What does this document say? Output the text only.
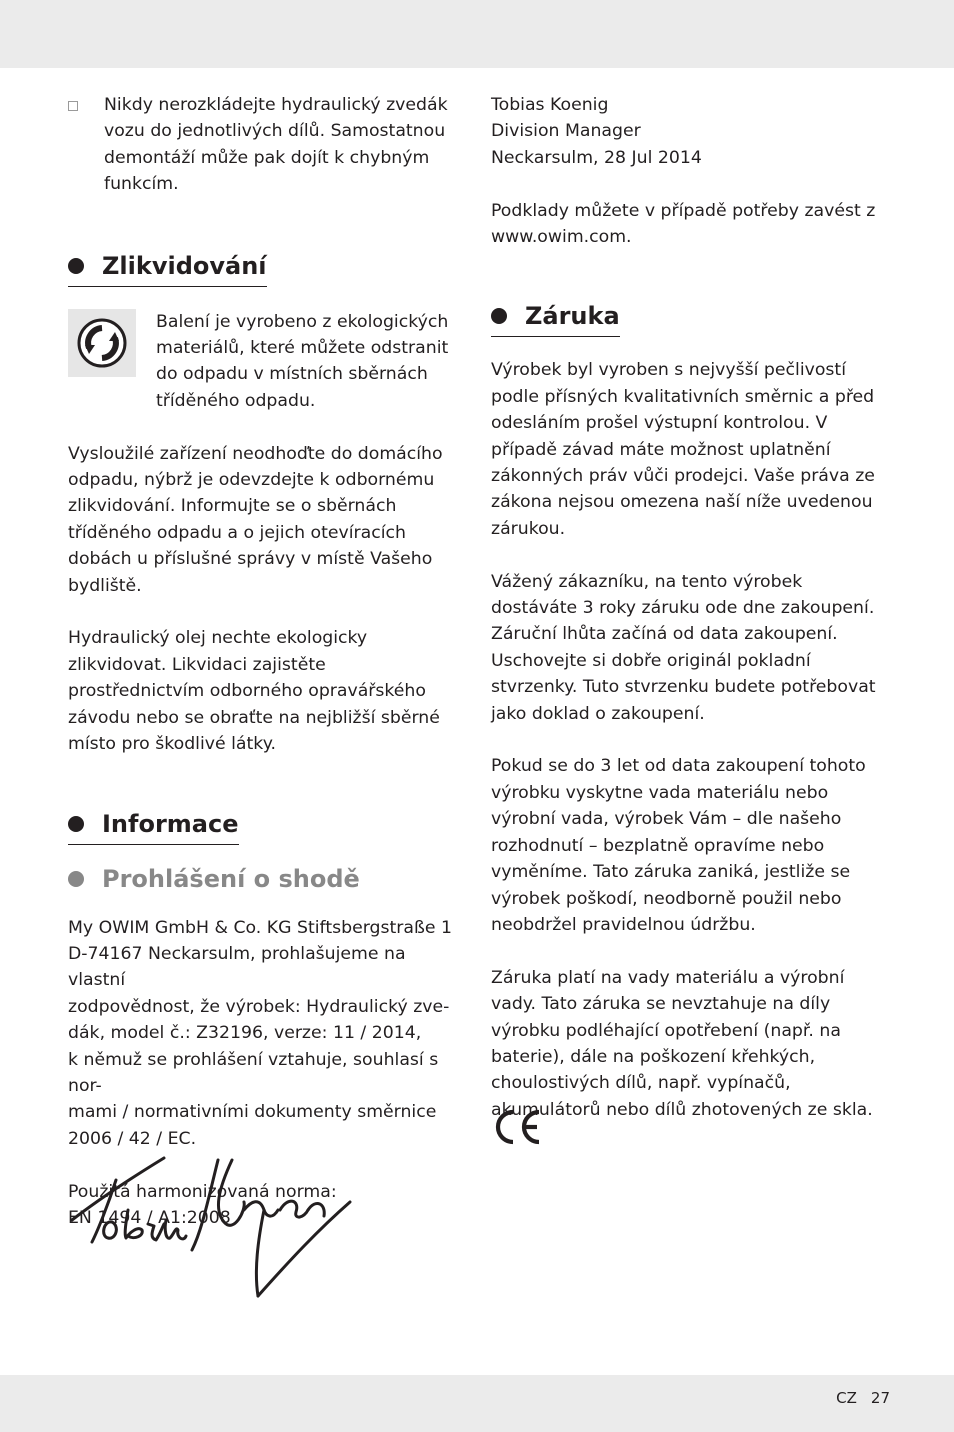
Nikdy nerozkládejte hydraulický zvedák vozu do jednotlivých dílů. Samostatnou demontáží může pak dojít k chybným funkcím.

Zlikvidování

Balení je vyrobeno z ekologických materiálů, které můžete odstranit do odpadu v místních sběrnách tříděného odpadu.

Vysloužilé zařízení neodhoďte do domácího odpadu, nýbrž je odevzdejte k odbornému zlikvidování. Informujte se o sběrnách tříděného odpadu a o jejich otevíracích dobách u příslušné správy v místě Vašeho bydliště.

Hydraulický olej nechte ekologicky zlikvidovat. Likvidaci zajistěte prostřednictvím odborného opravářského závodu nebo se obraťte na nejbližší sběrné místo pro škodlivé látky.

Informace
Prohlášení o shodě

My OWIM GmbH & Co. KG Stiftsbergstraße 1

D-74167 Neckarsulm, prohlašujeme na vlastní

zodpovědnost, že výrobek: Hydraulický zve-

dák, model č.: Z32196, verze: 11 / 2014,

k němuž se prohlášení vztahuje, souhlasí s nor-

mami / normativními dokumenty směrnice

2006 / 42 / EC.

Použitá harmonizovaná norma:

EN 1494 / A1:2008

Tobias Koenig

Division Manager

Neckarsulm, 28 Jul 2014

Podklady můžete v případě potřeby zavést z www.owim.com.

Záruka

Výrobek byl vyroben s nejvyšší pečlivostí podle přísných kvalitativních směrnic a před odesláním prošel výstupní kontrolou. V případě závad máte možnost uplatnění zákonných práv vůči prodejci. Vaše práva ze zákona nejsou omezena naší níže uvedenou zárukou.

Vážený zákazníku, na tento výrobek dostáváte 3 roky záruku ode dne zakoupení. Záruční lhůta začíná od data zakoupení. Uschovejte si dobře originál pokladní stvrzenky. Tuto stvrzenku budete potřebovat jako doklad o zakoupení.

Pokud se do 3 let od data zakoupení tohoto výrobku vyskytne vada materiálu nebo výrobní vada, výrobek Vám – dle našeho rozhodnutí – bezplatně opravíme nebo vyměníme. Tato záruka zaniká, jestliže se výrobek poškodí, neodborně použil nebo neobdržel pravidelnou údržbu.

Záruka platí na vady materiálu a výrobní vady. Tato záruka se nevztahuje na díly výrobku podléhající opotřebení (např. na baterie), dále na poškození křehkých, choulostivých dílů, např. vypínačů, akumulátorů nebo dílů zhotovených ze skla.

CZ 27
